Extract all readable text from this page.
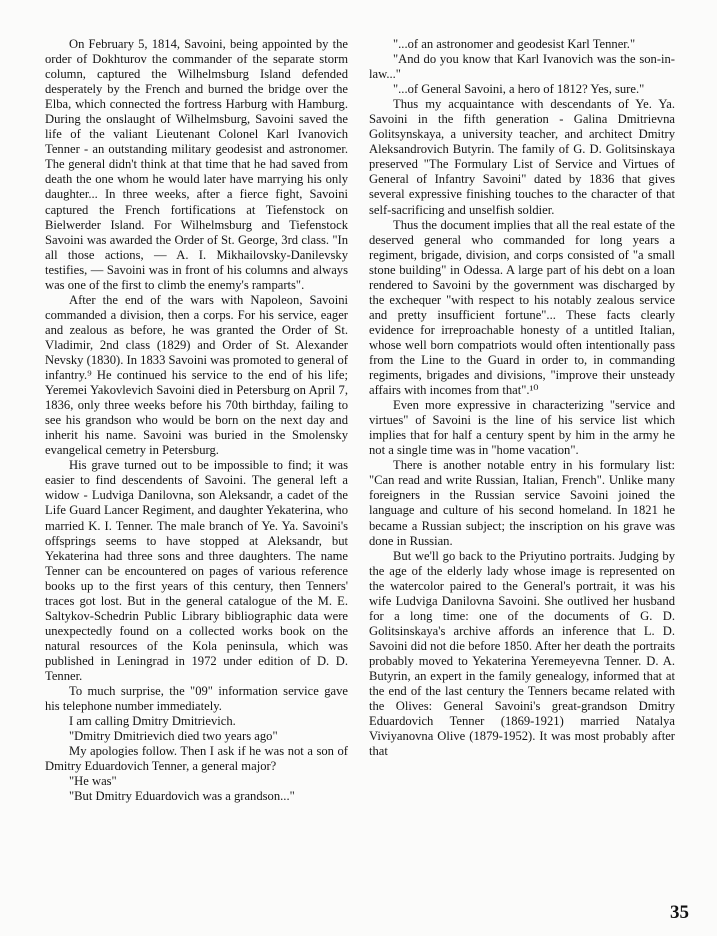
On February 5, 1814, Savoini, being appointed by the order of Dokhturov the commander of the separate storm column, captured the Wilhelmsburg Island defended desperately by the French and burned the bridge over the Elba, which connected the fortress Harburg with Hamburg. During the onslaught of Wilhelmsburg, Savoini saved the life of the valiant Lieutenant Colonel Karl Ivanovich Tenner - an outstanding military geodesist and astronomer. The general didn't think at that time that he had saved from death the one whom he would later have marrying his only daughter... In three weeks, after a fierce fight, Savoini captured the French fortifications at Tiefenstock on Bielwerder Island. For Wilhelmsburg and Tiefenstock Savoini was awarded the Order of St. George, 3rd class. "In all those actions, — A. I. Mikhailovsky-Danilevsky testifies, — Savoini was in front of his columns and always was one of the first to climb the enemy's ramparts".

After the end of the wars with Napoleon, Savoini commanded a division, then a corps. For his service, eager and zealous as before, he was granted the Order of St. Vladimir, 2nd class (1829) and Order of St. Alexander Nevsky (1830). In 1833 Savoini was promoted to general of infantry.⁹ He continued his service to the end of his life; Yeremei Yakovlevich Savoini died in Petersburg on April 7, 1836, only three weeks before his 70th birthday, failing to see his grandson who would be born on the next day and inherit his name. Savoini was buried in the Smolensky evangelical cemetry in Petersburg.

His grave turned out to be impossible to find; it was easier to find descendents of Savoini. The general left a widow - Ludviga Danilovna, son Aleksandr, a cadet of the Life Guard Lancer Regiment, and daughter Yekaterina, who married K. I. Tenner. The male branch of Ye. Ya. Savoini's offsprings seems to have stopped at Aleksandr, but Yekaterina had three sons and three daughters. The name Tenner can be encountered on pages of various reference books up to the first years of this century, then Tenners' traces got lost. But in the general catalogue of the M. E. Saltykov-Schedrin Public Library bibliographic data were unexpectedly found on a collected works book on the natural resources of the Kola peninsula, which was published in Leningrad in 1972 under edition of D. D. Tenner.

To much surprise, the "09" information service gave his telephone number immediately.

I am calling Dmitry Dmitrievich.

"Dmitry Dmitrievich died two years ago"

My apologies follow. Then I ask if he was not a son of Dmitry Eduardovich Tenner, a general major?

"He was"

"But Dmitry Eduardovich was a grandson..."

"...of an astronomer and geodesist Karl Tenner."

"And do you know that Karl Ivanovich was the son-in-law..."

"...of General Savoini, a hero of 1812? Yes, sure."

Thus my acquaintance with descendants of Ye. Ya. Savoini in the fifth generation - Galina Dmitrievna Golitsynskaya, a university teacher, and architect Dmitry Aleksandrovich Butyrin. The family of G. D. Golitsinskaya preserved "The Formulary List of Service and Virtues of General of Infantry Savoini" dated by 1836 that gives several expressive finishing touches to the character of that self-sacrificing and unselfish soldier.

Thus the document implies that all the real estate of the deserved general who commanded for long years a regiment, brigade, division, and corps consisted of "a small stone building" in Odessa. A large part of his debt on a loan rendered to Savoini by the government was discharged by the exchequer "with respect to his notably zealous service and pretty insufficient fortune"... These facts clearly evidence for irreproachable honesty of a untitled Italian, whose well born compatriots would often intentionally pass from the Line to the Guard in order to, in commanding regiments, brigades and divisions, "improve their unsteady affairs with incomes from that".¹⁰

Even more expressive in characterizing "service and virtues" of Savoini is the line of his service list which implies that for half a century spent by him in the army he not a single time was in "home vacation".

There is another notable entry in his formulary list: "Can read and write Russian, Italian, French". Unlike many foreigners in the Russian service Savoini joined the language and culture of his second homeland. In 1821 he became a Russian subject; the inscription on his grave was done in Russian.

But we'll go back to the Priyutino portraits. Judging by the age of the elderly lady whose image is represented on the watercolor paired to the General's portrait, it was his wife Ludviga Danilovna Savoini. She outlived her husband for a long time: one of the documents of G. D. Golitsinskaya's archive affords an inference that L. D. Savoini did not die before 1850. After her death the portraits probably moved to Yekaterina Yeremeyevna Tenner. D. A. Butyrin, an expert in the family genealogy, informed that at the end of the last century the Tenners became related with the Olives: General Savoini's great-grandson Dmitry Eduardovich Tenner (1869-1921) married Natalya Viviyanovna Olive (1879-1952). It was most probably after that

35
